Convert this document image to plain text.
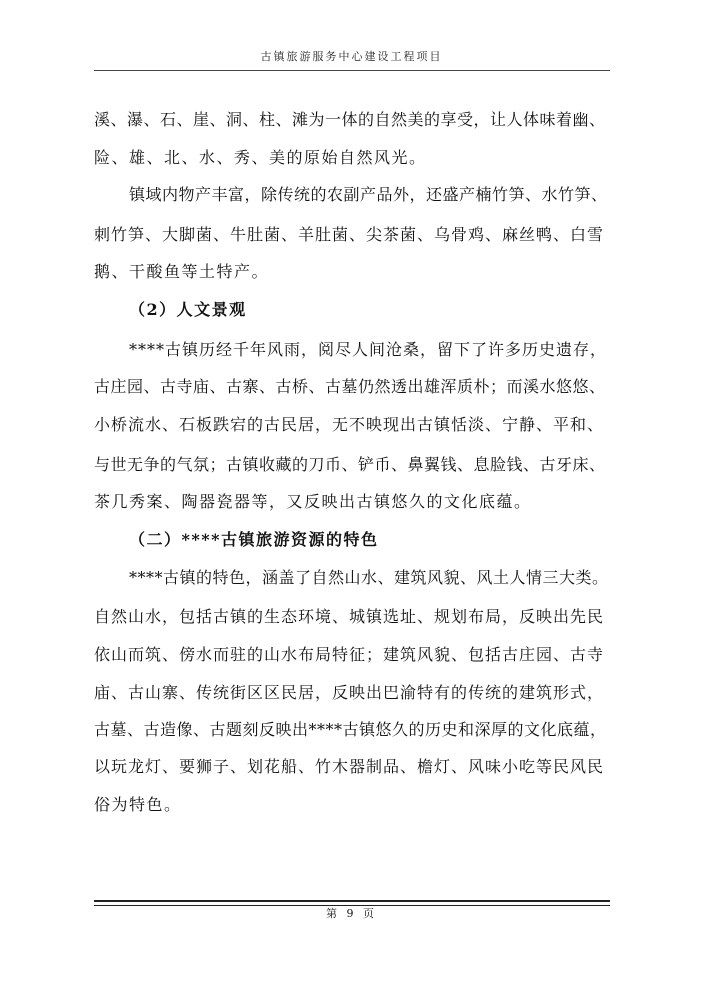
古镇旅游服务中心建设工程项目
溪、瀑、石、崖、洞、柱、滩为一体的自然美的享受，让人体味着幽、
险、雄、北、水、秀、美的原始自然风光。
镇域内物产丰富，除传统的农副产品外，还盛产楠竹笋、水竹笋、
刺竹笋、大脚菌、牛肚菌、羊肚菌、尖茶菌、乌骨鸡、麻丝鸭、白雪
鹅、干酸鱼等土特产。
（2）人文景观
****古镇历经千年风雨，阅尽人间沧桑，留下了许多历史遗存，
古庄园、古寺庙、古寨、古桥、古墓仍然透出雄浑质朴；而溪水悠悠、
小桥流水、石板跌宕的古民居，无不映现出古镇恬淡、宁静、平和、
与世无争的气氛；古镇收藏的刀币、铲币、鼻翼钱、息脸钱、古牙床、
茶几秀案、陶器瓷器等，又反映出古镇悠久的文化底蕴。
（二）****古镇旅游资源的特色
****古镇的特色，涵盖了自然山水、建筑风貌、风土人情三大类。
自然山水，包括古镇的生态环境、城镇选址、规划布局，反映出先民
依山而筑、傍水而驻的山水布局特征；建筑风貌、包括古庄园、古寺
庙、古山寨、传统街区区民居，反映出巴渝特有的传统的建筑形式，
古墓、古造像、古题刻反映出****古镇悠久的历史和深厚的文化底蕴，
以玩龙灯、要狮子、划花船、竹木器制品、檐灯、风味小吃等民风民
俗为特色。
第 9 页
